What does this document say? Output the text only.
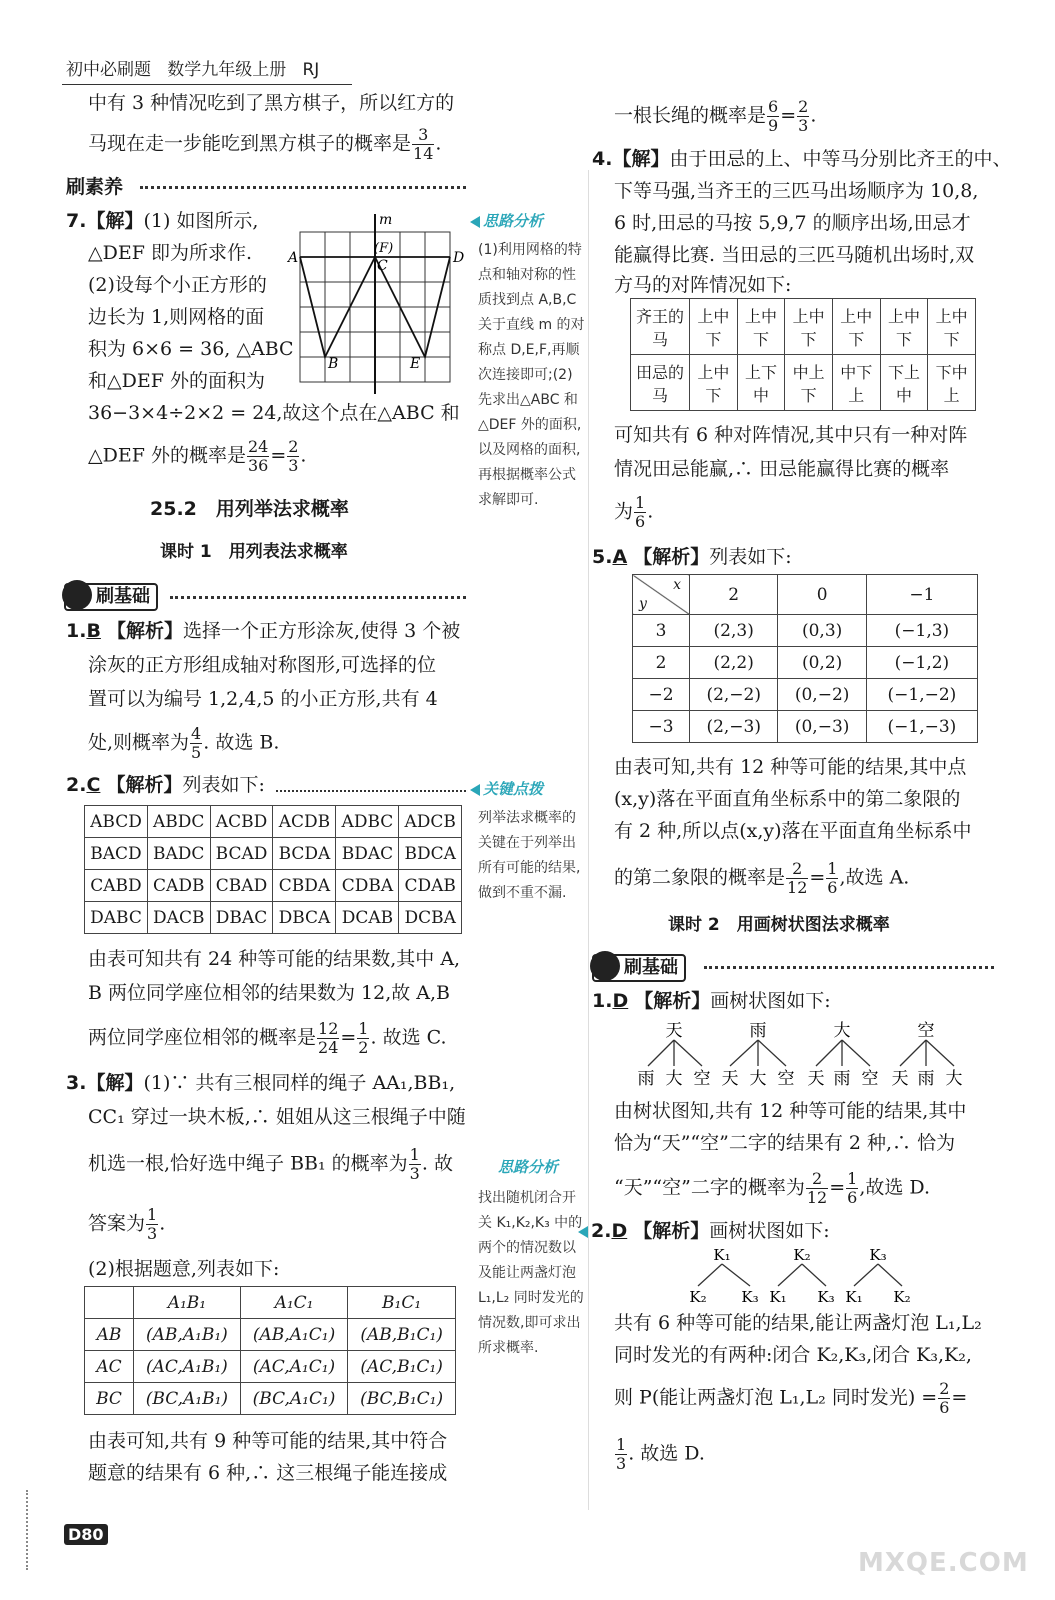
初中必刷题 数学九年级上册 RJ
中有 3 种情况吃到了黑方棋子，所以红方的
马现在走一步能吃到黑方棋子的概率是 $\frac{3}{14}$ .
刷素养
7.【解】(1) 如图所示,
△DEF 即为所求作.
(2)设每个小正方形的
边长为 1,则网格的面
积为 6×6 = 36, △ABC
和△DEF 外的面积为
36−3×4÷2×2 = 24,故这个点在△ABC 和
△DEF 外的概率是 $\frac{24}{36} = \frac{2}{3}$ .
m
A	D
(F)
C
B	E
思路分析
(1)利用网格的特点和轴对称的性质找到点 A,B,C 关于直线 m 的对称点 D,E,F,再顺次连接即可;(2)先求出△ABC 和△DEF 外的面积,以及网格的面积,再根据概率公式求解即可.
25.2　用列举法求概率
课时 1　用列表法求概率
刷基础
1.B 【解析】选择一个正方形涂灰,使得 3 个被
涂灰的正方形组成轴对称图形,可选择的位
置可以为编号 1,2,4,5 的小正方形,共有 4
处,则概率为 $\frac{4}{5}$ . 故选 B.
2.C 【解析】列表如下:
ABCD	ABDC	ACBD	ACDB	ADBC	ADCB
BACD	BADC	BCAD	BCDA	BDAC	BDCA
CABD	CADB	CBAD	CBDA	CDBA	CDAB
DABC	DACB	DBAC	DBCA	DCAB	DCBA
关键点拨
列举法求概率的关键在于列举出所有可能的结果,做到不重不漏.
由表可知共有 24 种等可能的结果数,其中 A,
B 两位同学座位相邻的结果数为 12,故 A,B
两位同学座位相邻的概率是 $\frac{12}{24} = \frac{1}{2}$ . 故选 C.
3.【解】(1)∵ 共有三根同样的绳子 AA₁,BB₁,
CC₁ 穿过一块木板,∴ 姐姐从这三根绳子中随
机选一根,恰好选中绳子 BB₁ 的概率为 $\frac{1}{3}$ . 故
答案为 $\frac{1}{3}$ .
(2)根据题意,列表如下:
	A₁B₁	A₁C₁	B₁C₁
AB	(AB,A₁B₁)	(AB,A₁C₁)	(AB,B₁C₁)
AC	(AC,A₁B₁)	(AC,A₁C₁)	(AC,B₁C₁)
BC	(BC,A₁B₁)	(BC,A₁C₁)	(BC,B₁C₁)
由表可知,共有 9 种等可能的结果,其中符合
题意的结果有 6 种,∴ 这三根绳子能连接成
思路分析
找出随机闭合开关 K₁,K₂,K₃ 中的两个的情况数以及能让两盏灯泡 L₁,L₂ 同时发光的情况数,即可求出所求概率.
D80
一根长绳的概率是 $\frac{6}{9} = \frac{2}{3}$ .
4.【解】由于田忌的上、中等马分别比齐王的中、
下等马强,当齐王的三匹马出场顺序为 10,8,
6 时,田忌的马按 5,9,7 的顺序出场,田忌才
能赢得比赛. 当田忌的三匹马随机出场时,双
方马的对阵情况如下:
齐王的马	上中下	上中下	上中下	上中下	上中下	上中下
田忌的马	上中下	上下中	中上下	中下上	下上中	下中上
可知共有 6 种对阵情况,其中只有一种对阵
情况田忌能赢,∴ 田忌能赢得比赛的概率
为 $\frac{1}{6}$ .
5.A 【解析】列表如下:
x
y	2	0	−1
3	(2,3)	(0,3)	(−1,3)
2	(2,2)	(0,2)	(−1,2)
−2	(2,−2)	(0,−2)	(−1,−2)
−3	(2,−3)	(0,−3)	(−1,−3)
由表可知,共有 12 种等可能的结果,其中点
(x,y)落在平面直角坐标系中的第二象限的
有 2 种,所以点(x,y)落在平面直角坐标系中
的第二象限的概率是 $\frac{2}{12} = \frac{1}{6}$ ,故选 A.
课时 2　用画树状图法求概率
刷基础
1.D 【解析】画树状图如下:
天	雨	大	空
雨 大 空 天 大 空 天 雨 空 天 雨 大
由树状图知,共有 12 种等可能的结果,其中
恰为“天”“空”二字的结果有 2 种,∴ 恰为
“天”“空”二字的概率为 $\frac{2}{12} = \frac{1}{6}$ ,故选 D.
2.D 【解析】画树状图如下:
K₁	K₂	K₃
K₂ K₃ K₁ K₃ K₁ K₂
共有 6 种等可能的结果,能让两盏灯泡 L₁,L₂
同时发光的有两种:闭合 K₂,K₃,闭合 K₃,K₂,
则 P(能让两盏灯泡 L₁,L₂ 同时发光) = $\frac{2}{6}$ =
$\frac{1}{3}$ . 故选 D.
MXQE.COM
